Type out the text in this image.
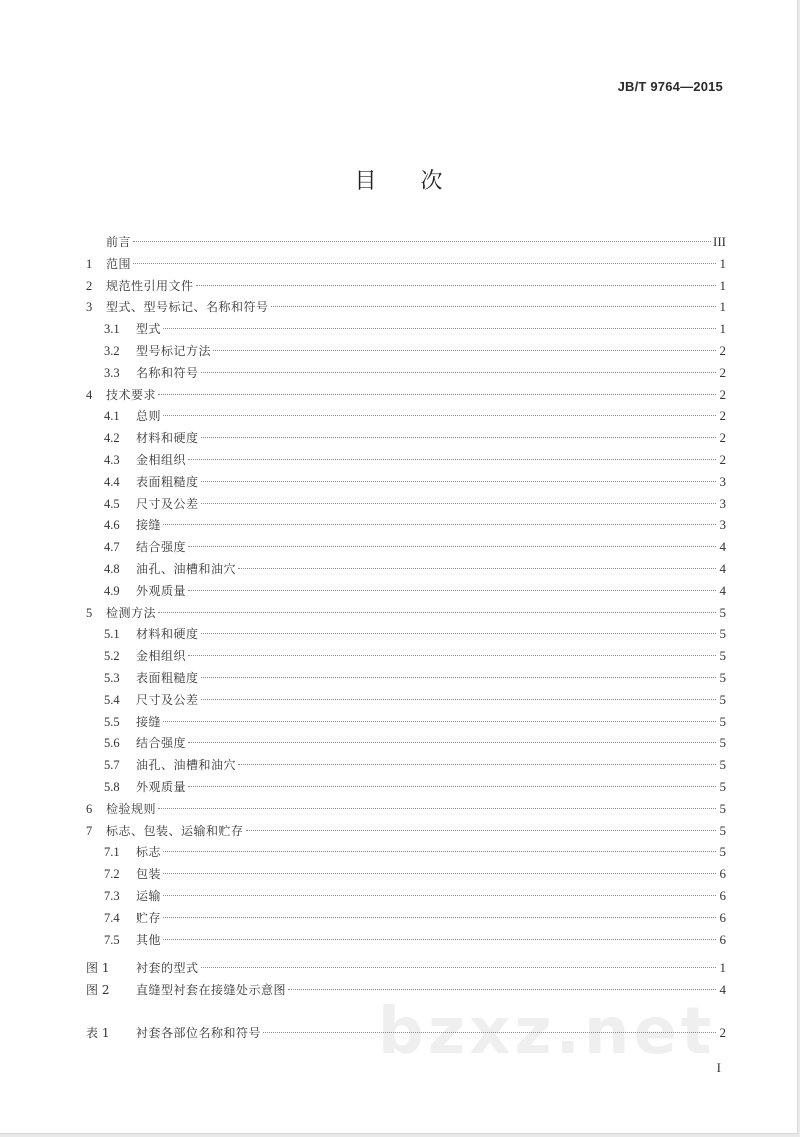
JB/T 9764—2015
目 次
前言	III
1	范围	1
2	规范性引用文件	1
3	型式、型号标记、名称和符号	1
3.1	型式	1
3.2	型号标记方法	2
3.3	名称和符号	2
4	技术要求	2
4.1	总则	2
4.2	材料和硬度	2
4.3	金相组织	2
4.4	表面粗糙度	3
4.5	尺寸及公差	3
4.6	接缝	3
4.7	结合强度	4
4.8	油孔、油槽和油穴	4
4.9	外观质量	4
5	检测方法	5
5.1	材料和硬度	5
5.2	金相组织	5
5.3	表面粗糙度	5
5.4	尺寸及公差	5
5.5	接缝	5
5.6	结合强度	5
5.7	油孔、油槽和油穴	5
5.8	外观质量	5
6	检验规则	5
7	标志、包装、运输和贮存	5
7.1	标志	5
7.2	包装	6
7.3	运输	6
7.4	贮存	6
7.5	其他	6
bzxz.net
图 1	衬套的型式	1
图 2	直缝型衬套在接缝处示意图	4
表 1	衬套各部位名称和符号	2
I
